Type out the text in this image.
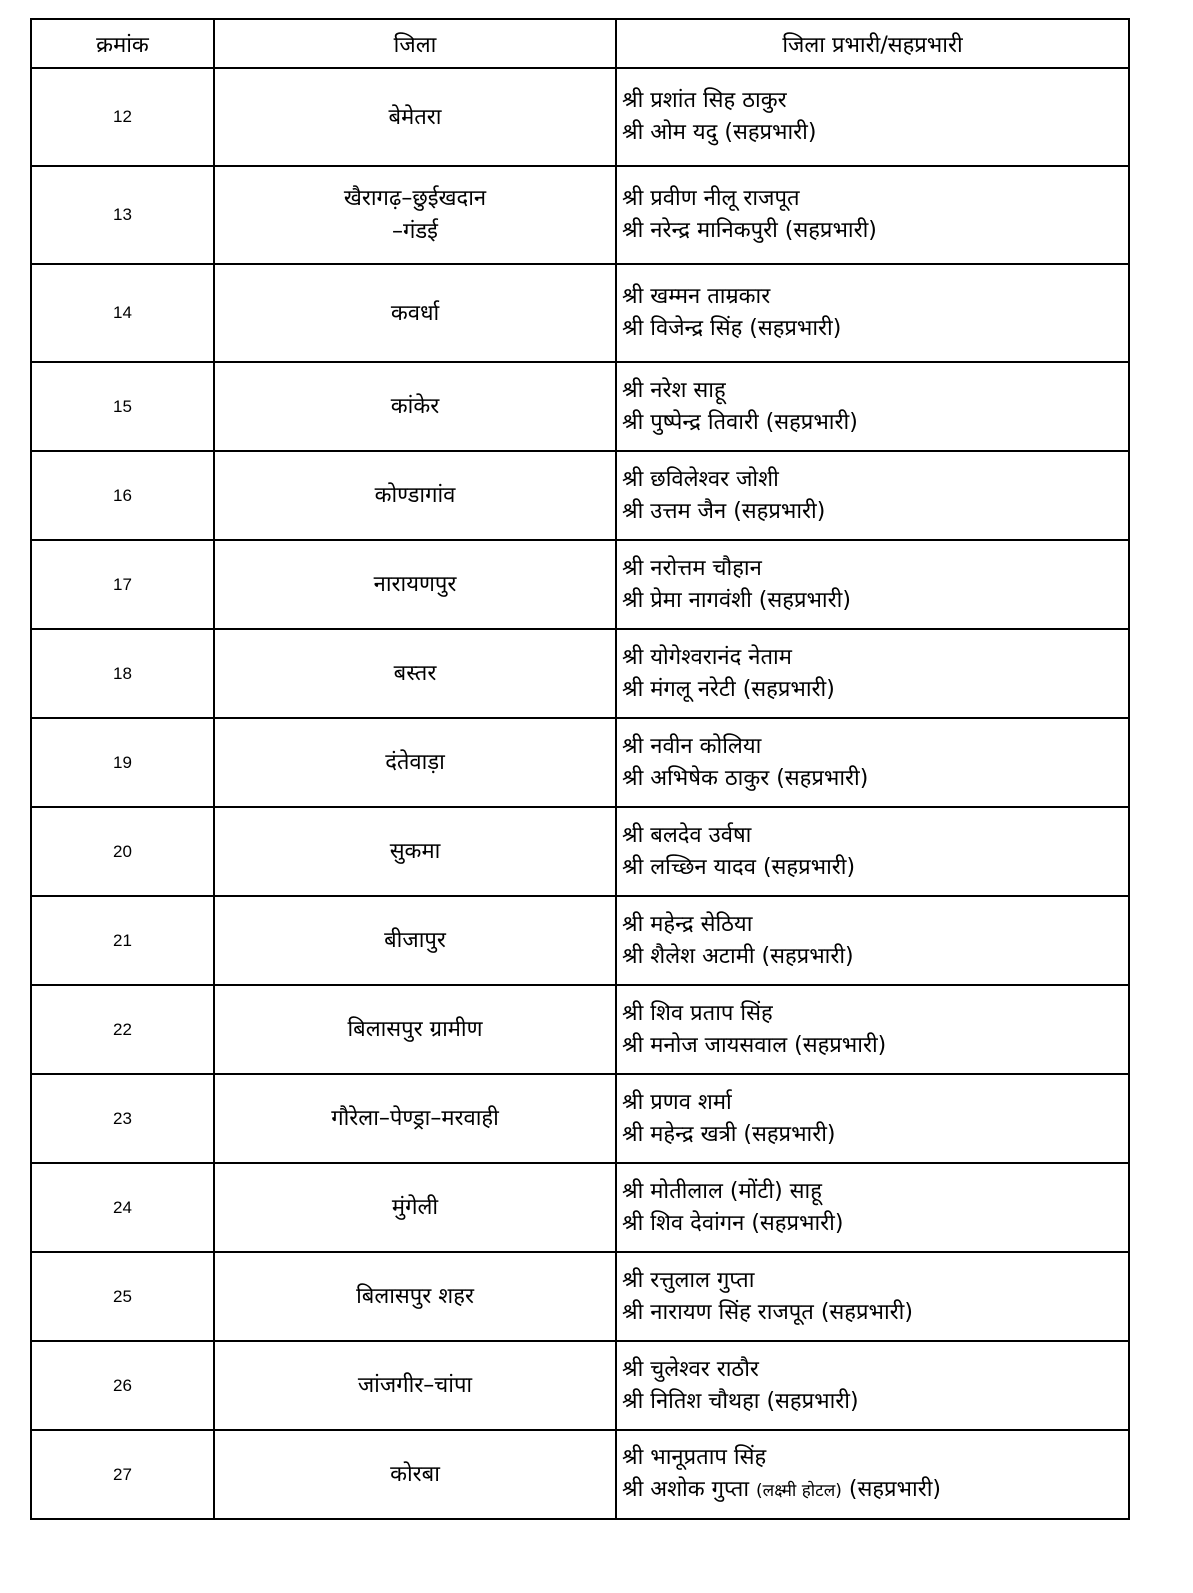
क्रमांक	जिला	जिला प्रभारी/सहप्रभारी
12	बेमेतरा	श्री प्रशांत सिह ठाकुर
श्री ओम यदु (सहप्रभारी)

13	खैरागढ़–छुईखदान
–गंडई	श्री प्रवीण नीलू राजपूत
श्री नरेन्द्र मानिकपुरी (सहप्रभारी)

14	कवर्धा	श्री खम्मन ताम्रकार
श्री विजेन्द्र सिंह (सहप्रभारी)

15	कांकेर	श्री नरेश साहू
श्री पुष्पेन्द्र तिवारी (सहप्रभारी)

16	कोण्डागांव	श्री छविलेश्वर जोशी
श्री उत्तम जैन (सहप्रभारी)

17	नारायणपुर	श्री नरोत्तम चौहान
श्री प्रेमा नागवंशी (सहप्रभारी)

18	बस्तर	श्री योगेश्वरानंद नेताम
श्री मंगलू नरेटी (सहप्रभारी)

19	दंतेवाड़ा	श्री नवीन कोलिया
श्री अभिषेक ठाकुर (सहप्रभारी)

20	सुकमा	श्री बलदेव उर्वषा
श्री लच्छिन यादव (सहप्रभारी)

21	बीजापुर	श्री महेन्द्र सेठिया
श्री शैलेश अटामी (सहप्रभारी)

22	बिलासपुर ग्रामीण	श्री शिव प्रताप सिंह
श्री मनोज जायसवाल (सहप्रभारी)

23	गौरेला–पेण्ड्रा–मरवाही	श्री प्रणव शर्मा
श्री महेन्द्र खत्री (सहप्रभारी)

24	मुंगेली	श्री मोतीलाल (मोंटी) साहू
श्री शिव देवांगन (सहप्रभारी)

25	बिलासपुर शहर	श्री रत्तुलाल गुप्ता
श्री नारायण सिंह राजपूत (सहप्रभारी)

26	जांजगीर–चांपा	श्री चुलेश्वर राठौर
श्री नितिश चौथहा (सहप्रभारी)

27	कोरबा	श्री भानूप्रताप सिंह
श्री अशोक गुप्ता (लक्ष्मी होटल) (सहप्रभारी)
